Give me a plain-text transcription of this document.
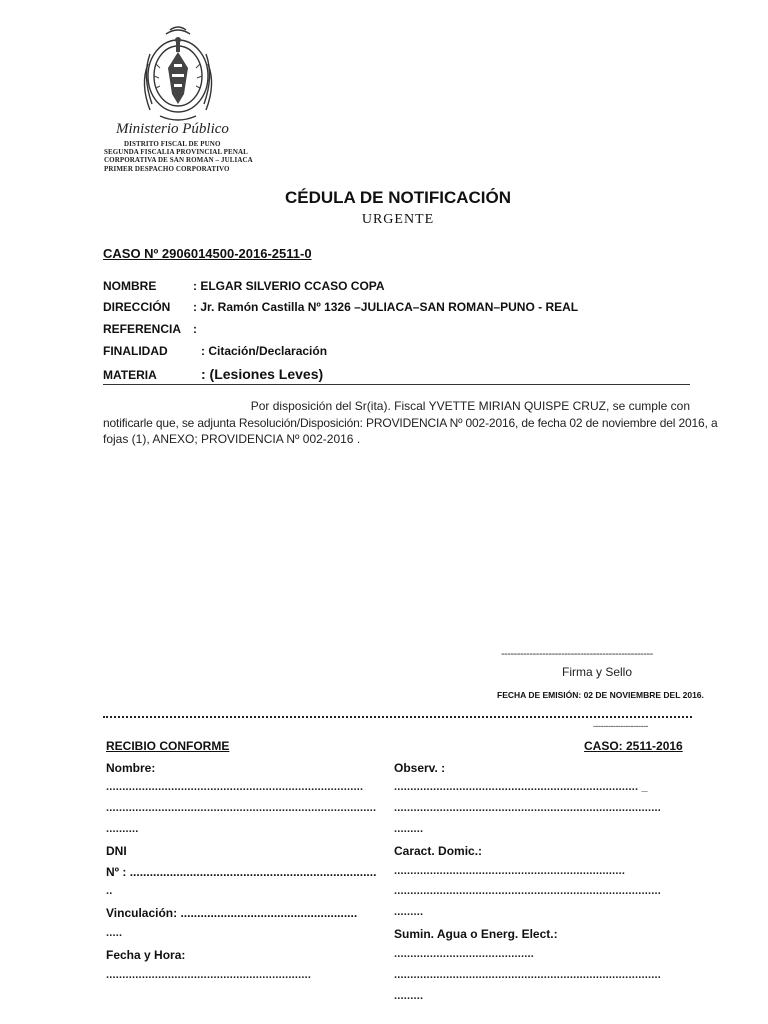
Ministerio Público
DISTRITO FISCAL DE PUNO
SEGUNDA FISCALIA PROVINCIAL PENAL
CORPORATIVA DE SAN ROMAN – JULIACA
PRIMER DESPACHO CORPORATIVO
CÉDULA DE NOTIFICACIÓN
URGENTE
CASO Nº 2906014500-2016-2511-0
NOMBRE	: ELGAR SILVERIO CCASO COPA
DIRECCIÓN : Jr. Ramón Castilla Nº 1326 –JULIACA–SAN ROMAN–PUNO - REAL
REFERENCIA :
FINALIDAD	: Citación/Declaración
MATERIA	: (Lesiones Leves)
Por disposición del Sr(ita). Fiscal YVETTE MIRIAN QUISPE CRUZ, se cumple con
notificarle que, se adjunta Resolución/Disposición: PROVIDENCIA Nº 002-2016, de fecha 02 de noviembre del 2016, a
fojas (1), ANEXO; PROVIDENCIA Nº 002-2016 .
------------------------------------------------
Firma y Sello
FECHA DE EMISIÓN: 02 DE NOVIEMBRE DEL 2016.
----------------------
RECIBIO CONFORME	CASO: 2511-2016
Nombre:
...............................................................................
...................................................................................
..........
DNI
Nº : ..........................................................................
..
Vinculación: .....................................................
.....
Fecha y Hora:
...............................................................
Observ. :
........................................................................... _
..................................................................................
.........
Caract. Domic.:
.......................................................................
..................................................................................
.........
Sumin. Agua o Energ. Elect.:
...........................................
..................................................................................
.........
